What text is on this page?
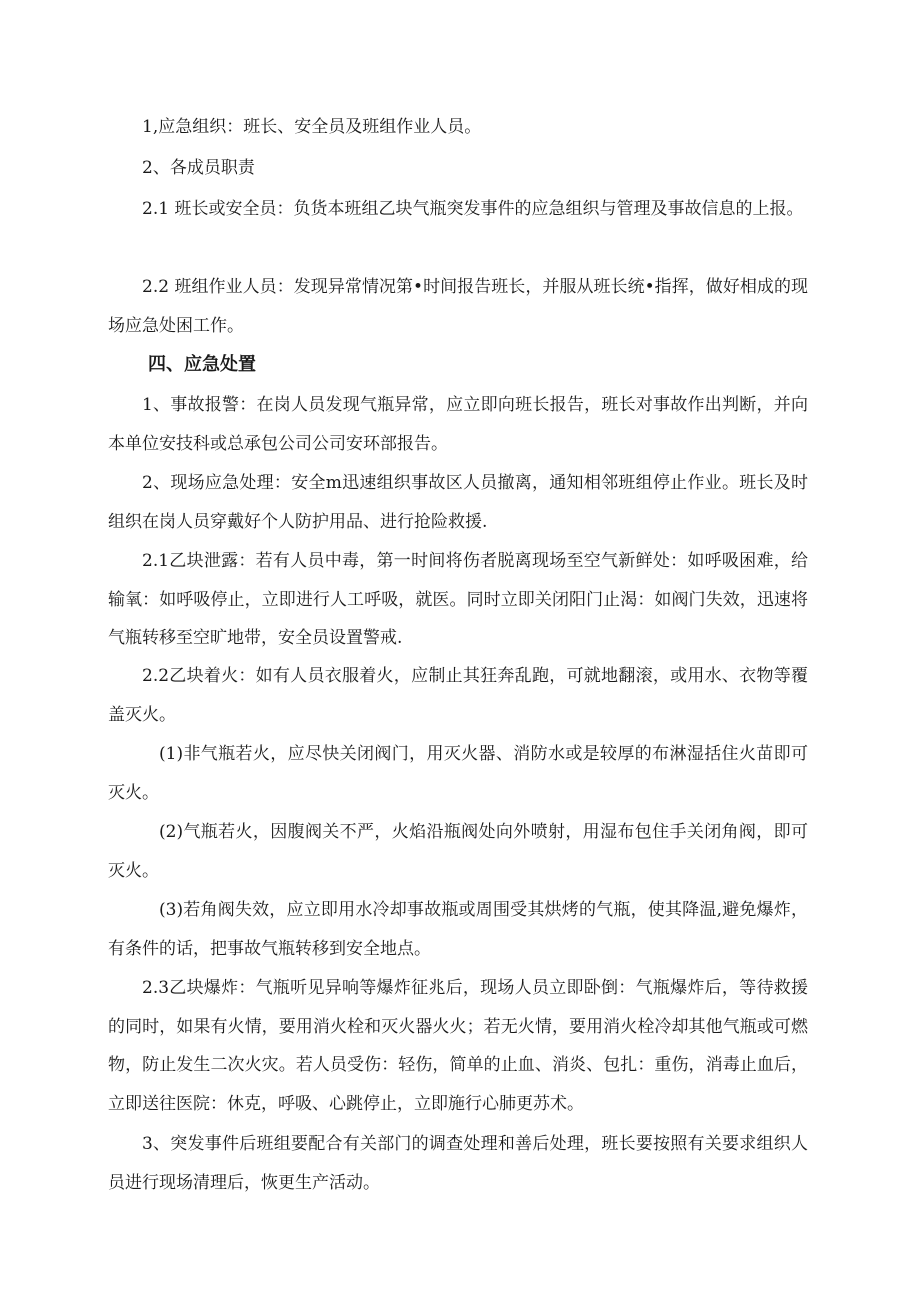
1,应急组织：班长、安全员及班组作业人员。

2、各成员职责

2.1 班长或安全员：负货本班组乙块气瓶突发事件的应急组织与管理及事故信息的上报。

2.2 班组作业人员：发现异常情况第•时间报告班长，并服从班长统•指挥，做好相成的现场应急处困工作。

四、应急处置

1、事故报警：在岗人员发现气瓶异常，应立即向班长报告，班长对事故作出判断，并向本单位安技科或总承包公司公司安环部报告。

2、现场应急处理：安全m迅速组织事故区人员撤离，通知相邻班组停止作业。班长及时组织在岗人员穿戴好个人防护用品、进行抢险救援.

2.1乙块泄露：若有人员中毒，第一时间将伤者脱离现场至空气新鲜处：如呼吸困难，给输氧：如呼吸停止，立即进行人工呼吸，就医。同时立即关闭阳门止渴：如阀门失效，迅速将气瓶转移至空旷地带，安全员设置警戒.

2.2乙块着火：如有人员衣服着火，应制止其狂奔乱跑，可就地翻滚，或用水、衣物等覆盖灭火。

(1)非气瓶若火，应尽快关闭阀门，用灭火器、消防水或是较厚的布淋湿括住火苗即可灭火。

(2)气瓶若火，因腹阀关不严，火焰沿瓶阀处向外喷射，用湿布包住手关闭角阀，即可灭火。

(3)若角阀失效，应立即用水冷却事故瓶或周围受其烘烤的气瓶，使其降温,避免爆炸，有条件的话，把事故气瓶转移到安全地点。

2.3乙块爆炸：气瓶听见异响等爆炸征兆后，现场人员立即卧倒：气瓶爆炸后，等待救援的同时，如果有火情，要用消火栓和灭火器火火；若无火情，要用消火栓冷却其他气瓶或可燃物，防止发生二次火灾。若人员受伤：轻伤，简单的止血、消炎、包扎：重伤，消毒止血后，立即送往医院：休克，呼吸、心跳停止，立即施行心肺更苏术。

3、突发事件后班组要配合有关部门的调查处理和善后处理，班长要按照有关要求组织人员进行现场清理后，恢更生产活动。
